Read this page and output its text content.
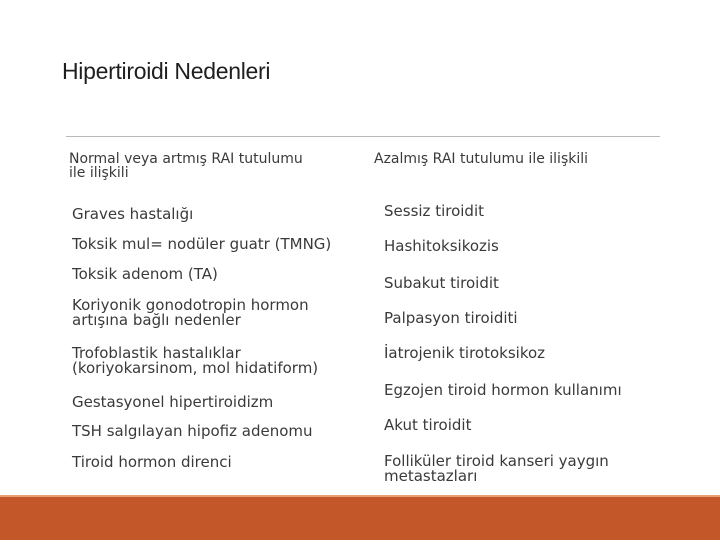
Hipertiroidi Nedenleri
Normal veya artmış RAI tutulumu
ile ilişkili
Azalmış RAI tutulumu ile ilişkili
Graves hastalığı
Toksik mul= nodüler guatr (TMNG)
Toksik adenom (TA)
Koriyonik gonodotropin hormon
artışına bağlı nedenler
Trofoblastik hastalıklar
(koriyokarsinom, mol hidatiform)
Gestasyonel hipertiroidizm
TSH salgılayan hipofiz adenomu
Tiroid hormon direnci
Sessiz tiroidit
Hashitoksikozis
Subakut tiroidit
Palpasyon tiroiditi
İatrojenik tirotoksikoz
Egzojen tiroid hormon kullanımı
Akut tiroidit
Folliküler tiroid kanseri yaygın
metastazları
